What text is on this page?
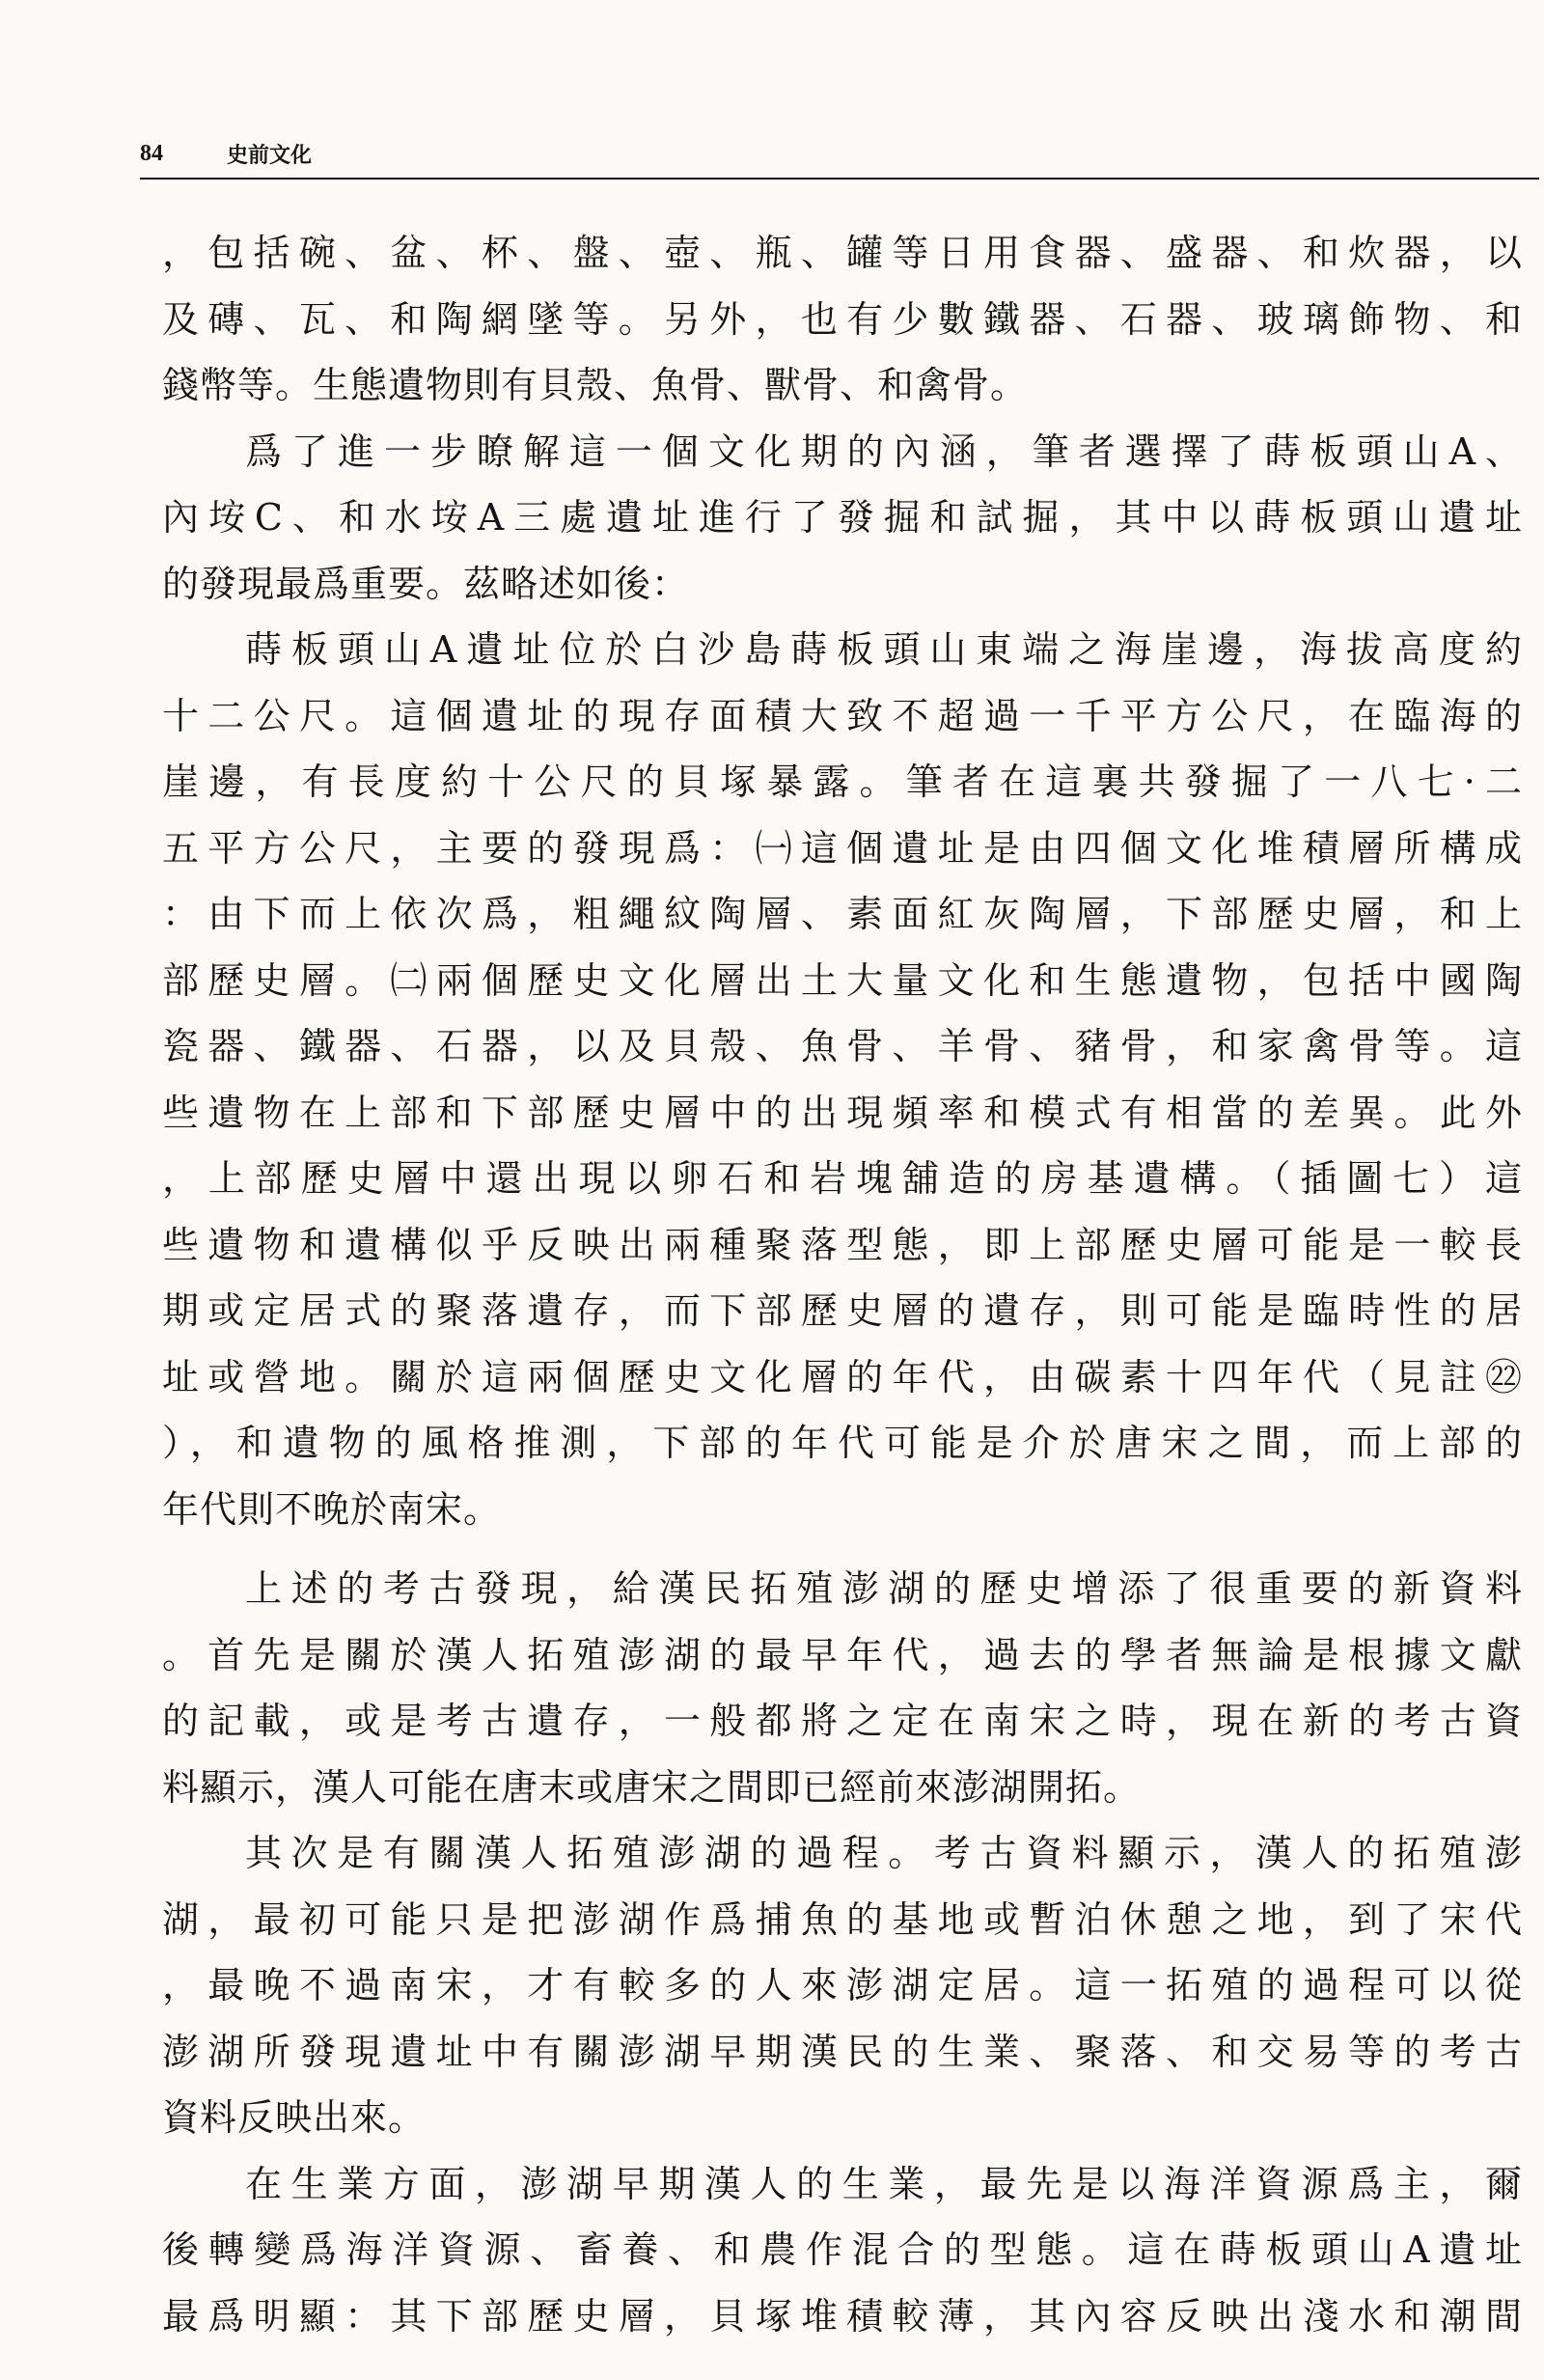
84	史前文化
，包括碗、盆、杯、盤、壺、瓶、罐等日用食器、盛器、和炊器，以
及磚、瓦、和陶網墜等。另外，也有少數鐵器、石器、玻璃飾物、和
錢幣等。生態遺物則有貝殼、魚骨、獸骨、和禽骨。
爲了進一步瞭解這一個文化期的內涵，筆者選擇了蒔板頭山A、
內垵C、和水垵A三處遺址進行了發掘和試掘，其中以蒔板頭山遺址
的發現最爲重要。茲略述如後：
蒔板頭山A遺址位於白沙島蒔板頭山東端之海崖邊，海拔高度約
十二公尺。這個遺址的現存面積大致不超過一千平方公尺，在臨海的
崖邊，有長度約十公尺的貝塚暴露。筆者在這裏共發掘了一八七·二
五平方公尺，主要的發現爲：㈠這個遺址是由四個文化堆積層所構成
：由下而上依次爲，粗繩紋陶層、素面紅灰陶層，下部歷史層，和上
部歷史層。㈡兩個歷史文化層出土大量文化和生態遺物，包括中國陶
瓷器、鐵器、石器，以及貝殼、魚骨、羊骨、豬骨，和家禽骨等。這
些遺物在上部和下部歷史層中的出現頻率和模式有相當的差異。此外
，上部歷史層中還出現以卵石和岩塊舖造的房基遺構。（插圖七）這
些遺物和遺構似乎反映出兩種聚落型態，即上部歷史層可能是一較長
期或定居式的聚落遺存，而下部歷史層的遺存，則可能是臨時性的居
址或營地。關於這兩個歷史文化層的年代，由碳素十四年代（見註㉒
），和遺物的風格推測，下部的年代可能是介於唐宋之間，而上部的
年代則不晚於南宋。
上述的考古發現，給漢民拓殖澎湖的歷史增添了很重要的新資料
。首先是關於漢人拓殖澎湖的最早年代，過去的學者無論是根據文獻
的記載，或是考古遺存，一般都將之定在南宋之時，現在新的考古資
料顯示，漢人可能在唐末或唐宋之間即已經前來澎湖開拓。
其次是有關漢人拓殖澎湖的過程。考古資料顯示，漢人的拓殖澎
湖，最初可能只是把澎湖作爲捕魚的基地或暫泊休憩之地，到了宋代
，最晚不過南宋，才有較多的人來澎湖定居。這一拓殖的過程可以從
澎湖所發現遺址中有關澎湖早期漢民的生業、聚落、和交易等的考古
資料反映出來。
在生業方面，澎湖早期漢人的生業，最先是以海洋資源爲主，爾
後轉變爲海洋資源、畜養、和農作混合的型態。這在蒔板頭山A遺址
最爲明顯：其下部歷史層，貝塚堆積較薄，其內容反映出淺水和潮間
